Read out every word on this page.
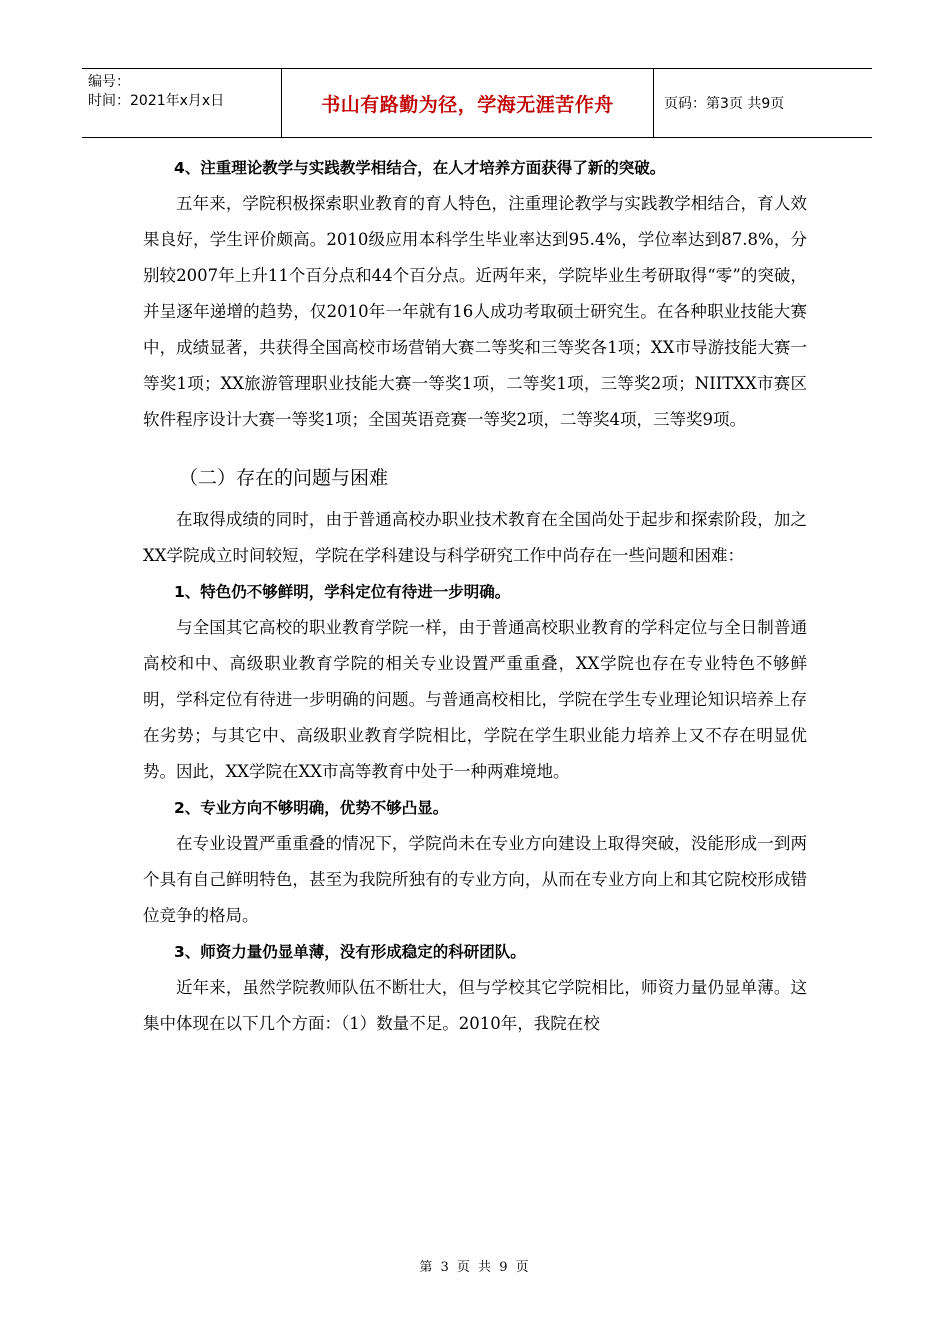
编号：
时间：2021年x月x日	书山有路勤为径，学海无涯苦作舟	页码：第3页 共9页

4、注重理论教学与实践教学相结合，在人才培养方面获得了新的突破。

五年来，学院积极探索职业教育的育人特色，注重理论教学与实践教学相结合，育人效果良好，学生评价颇高。2010级应用本科学生毕业率达到95.4%，学位率达到87.8%，分别较2007年上升11个百分点和44个百分点。近两年来，学院毕业生考研取得“零”的突破，并呈逐年递增的趋势，仅2010年一年就有16人成功考取硕士研究生。在各种职业技能大赛中，成绩显著，共获得全国高校市场营销大赛二等奖和三等奖各1项；XX市导游技能大赛一等奖1项；XX旅游管理职业技能大赛一等奖1项，二等奖1项，三等奖2项；NIITXX市赛区软件程序设计大赛一等奖1项；全国英语竞赛一等奖2项，二等奖4项，三等奖9项。

（二）存在的问题与困难

在取得成绩的同时，由于普通高校办职业技术教育在全国尚处于起步和探索阶段，加之XX学院成立时间较短，学院在学科建设与科学研究工作中尚存在一些问题和困难：

1、特色仍不够鲜明，学科定位有待进一步明确。

与全国其它高校的职业教育学院一样，由于普通高校职业教育的学科定位与全日制普通高校和中、高级职业教育学院的相关专业设置严重重叠，XX学院也存在专业特色不够鲜明，学科定位有待进一步明确的问题。与普通高校相比，学院在学生专业理论知识培养上存在劣势；与其它中、高级职业教育学院相比，学院在学生职业能力培养上又不存在明显优势。因此，XX学院在XX市高等教育中处于一种两难境地。

2、专业方向不够明确，优势不够凸显。

在专业设置严重重叠的情况下，学院尚未在专业方向建设上取得突破，没能形成一到两个具有自己鲜明特色，甚至为我院所独有的专业方向，从而在专业方向上和其它院校形成错位竞争的格局。

3、师资力量仍显单薄，没有形成稳定的科研团队。

近年来，虽然学院教师队伍不断壮大，但与学校其它学院相比，师资力量仍显单薄。这集中体现在以下几个方面：（1）数量不足。2010年，我院在校

第 3 页 共 9 页
